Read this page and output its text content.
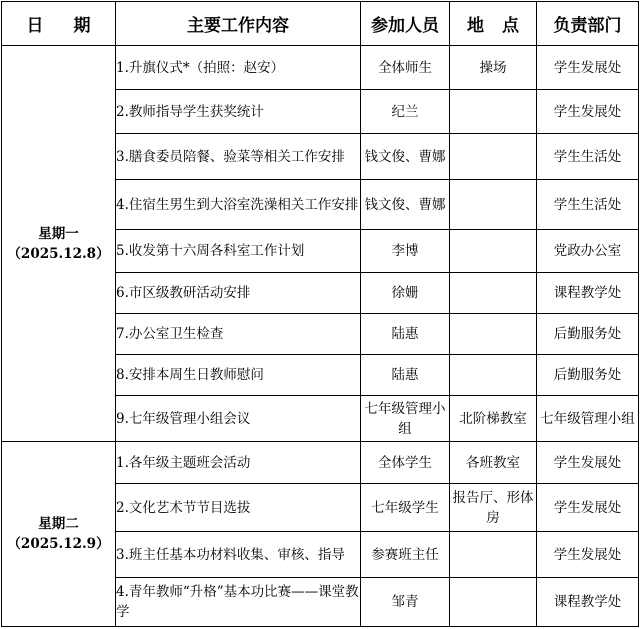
日 期	主要工作内容	参加人员	地 点	负责部门

星期一
（2025.12.8）	1.升旗仪式*（拍照：赵安）	全体师生	操场	学生发展处
	2.教师指导学生获奖统计	纪兰		学生发展处
	3.膳食委员陪餐、验菜等相关工作安排	钱文俊、曹娜		学生生活处
	4.住宿生男生到大浴室洗澡相关工作安排	钱文俊、曹娜		学生生活处
	5.收发第十六周各科室工作计划	李博		党政办公室
	6.市区级教研活动安排	徐姗		课程教学处
	7.办公室卫生检查	陆惠		后勤服务处
	8.安排本周生日教师慰问	陆惠		后勤服务处
	9.七年级管理小组会议	七年级管理小组	北阶梯教室	七年级管理小组

星期二
（2025.12.9）	1.各年级主题班会活动	全体学生	各班教室	学生发展处
	2.文化艺术节节目选拔	七年级学生	报告厅、形体房	学生发展处
	3.班主任基本功材料收集、审核、指导	参赛班主任		学生发展处
	4.青年教师“升格”基本功比赛——课堂教学	邹青		课程教学处
